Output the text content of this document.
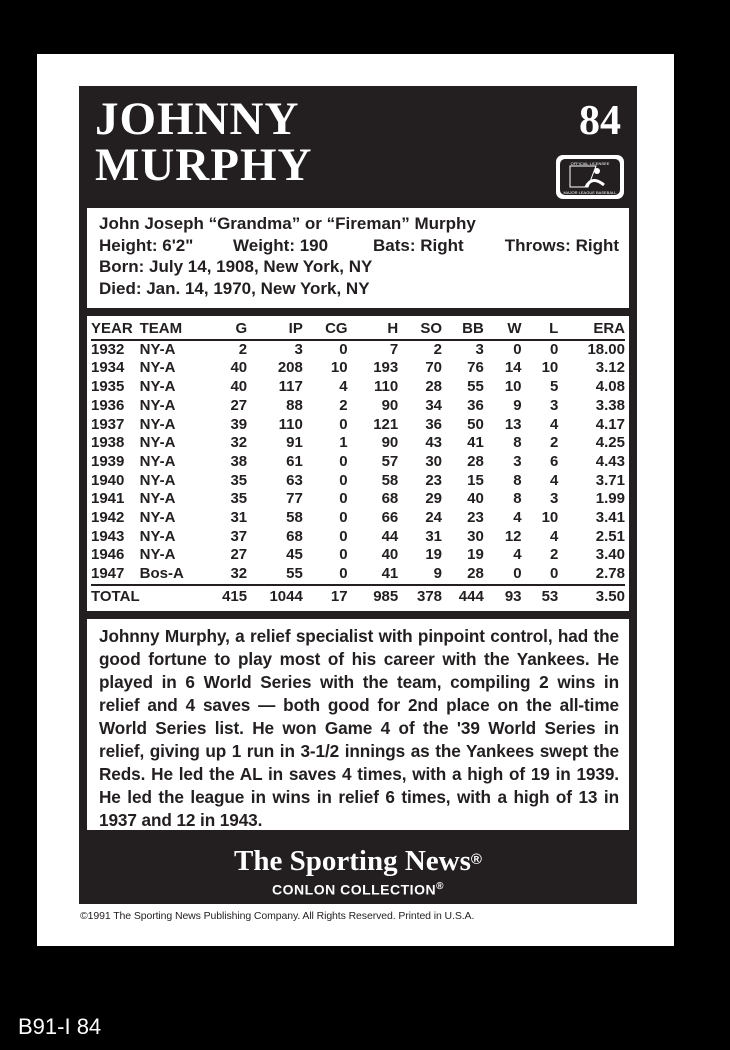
JOHNNY
MURPHY
84
OFFICIAL LICENSEE
MAJOR LEAGUE BASEBALL
John Joseph “Grandma” or “Fireman” Murphy
Height: 6'2" Weight: 190	Bats: Right Throws: Right
Born: July 14, 1908, New York, NY
Died: Jan. 14, 1970, New York, NY
YEAR	TEAM	G	IP	CG	H	SO	BB	W	L	ERA
1932	NY-A	2	3	0	7	2	3	0	0	18.00
1934	NY-A	40	208	10	193	70	76	14	10	3.12
1935	NY-A	40	117	4	110	28	55	10	5	4.08
1936	NY-A	27	88	2	90	34	36	9	3	3.38
1937	NY-A	39	110	0	121	36	50	13	4	4.17
1938	NY-A	32	91	1	90	43	41	8	2	4.25
1939	NY-A	38	61	0	57	30	28	3	6	4.43
1940	NY-A	35	63	0	58	23	15	8	4	3.71
1941	NY-A	35	77	0	68	29	40	8	3	1.99
1942	NY-A	31	58	0	66	24	23	4	10	3.41
1943	NY-A	37	68	0	44	31	30	12	4	2.51
1946	NY-A	27	45	0	40	19	19	4	2	3.40
1947	Bos-A	32	55	0	41	9	28	0	0	2.78
TOTAL		415	1044	17	985	378	444	93	53	3.50
Johnny Murphy, a relief specialist with pinpoint control, had the good fortune to play most of his career with the Yankees. He played in 6 World Series with the team, compiling 2 wins in relief and 4 saves — both good for 2nd place on the all-time World Series list. He won Game 4 of the '39 World Series in relief, giving up 1 run in 3-1/2 innings as the Yankees swept the Reds. He led the AL in saves 4 times, with a high of 19 in 1939. He led the league in wins in relief 6 times, with a high of 13 in 1937 and 12 in 1943.
The Sporting News®
CONLON COLLECTION®
©1991 The Sporting News Publishing Company. All Rights Reserved. Printed in U.S.A.
B91-I 84
